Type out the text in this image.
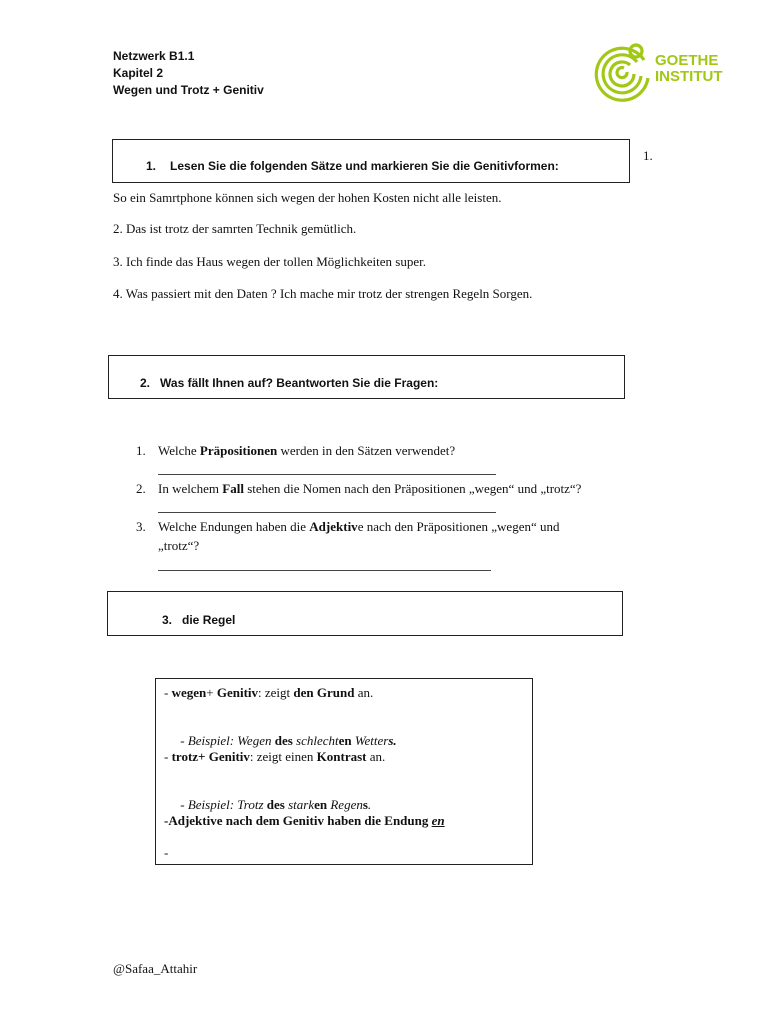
Netzwerk B1.1
Kapitel 2
Wegen und Trotz + Genitiv
GOETHE
INSTITUT
1. Lesen Sie die folgenden Sätze und markieren Sie die Genitivformen:
1.
So ein Samrtphone können sich wegen der hohen Kosten nicht alle leisten.
2. Das ist trotz der samrten Technik gemütlich.
3. Ich finde das Haus wegen der tollen Möglichkeiten super.
4. Was passiert mit den Daten ? Ich mache mir trotz der strengen Regeln Sorgen.
2. Was fällt Ihnen auf? Beantworten Sie die Fragen:
1. Welche Präpositionen werden in den Sätzen verwendet?
2. In welchem Fall stehen die Nomen nach den Präpositionen „wegen“ und „trotz“?
3. Welche Endungen haben die Adjektive nach den Präpositionen „wegen“ und
„trotz“?
3. die Regel
- wegen+ Genitiv: zeigt den Grund an.

- Beispiel: Wegen des schlechten Wetters.

- trotz+ Genitiv: zeigt einen Kontrast an.

- Beispiel: Trotz des starken Regens.

-Adjektive nach dem Genitiv haben die Endung en
-
@Safaa_Attahir
